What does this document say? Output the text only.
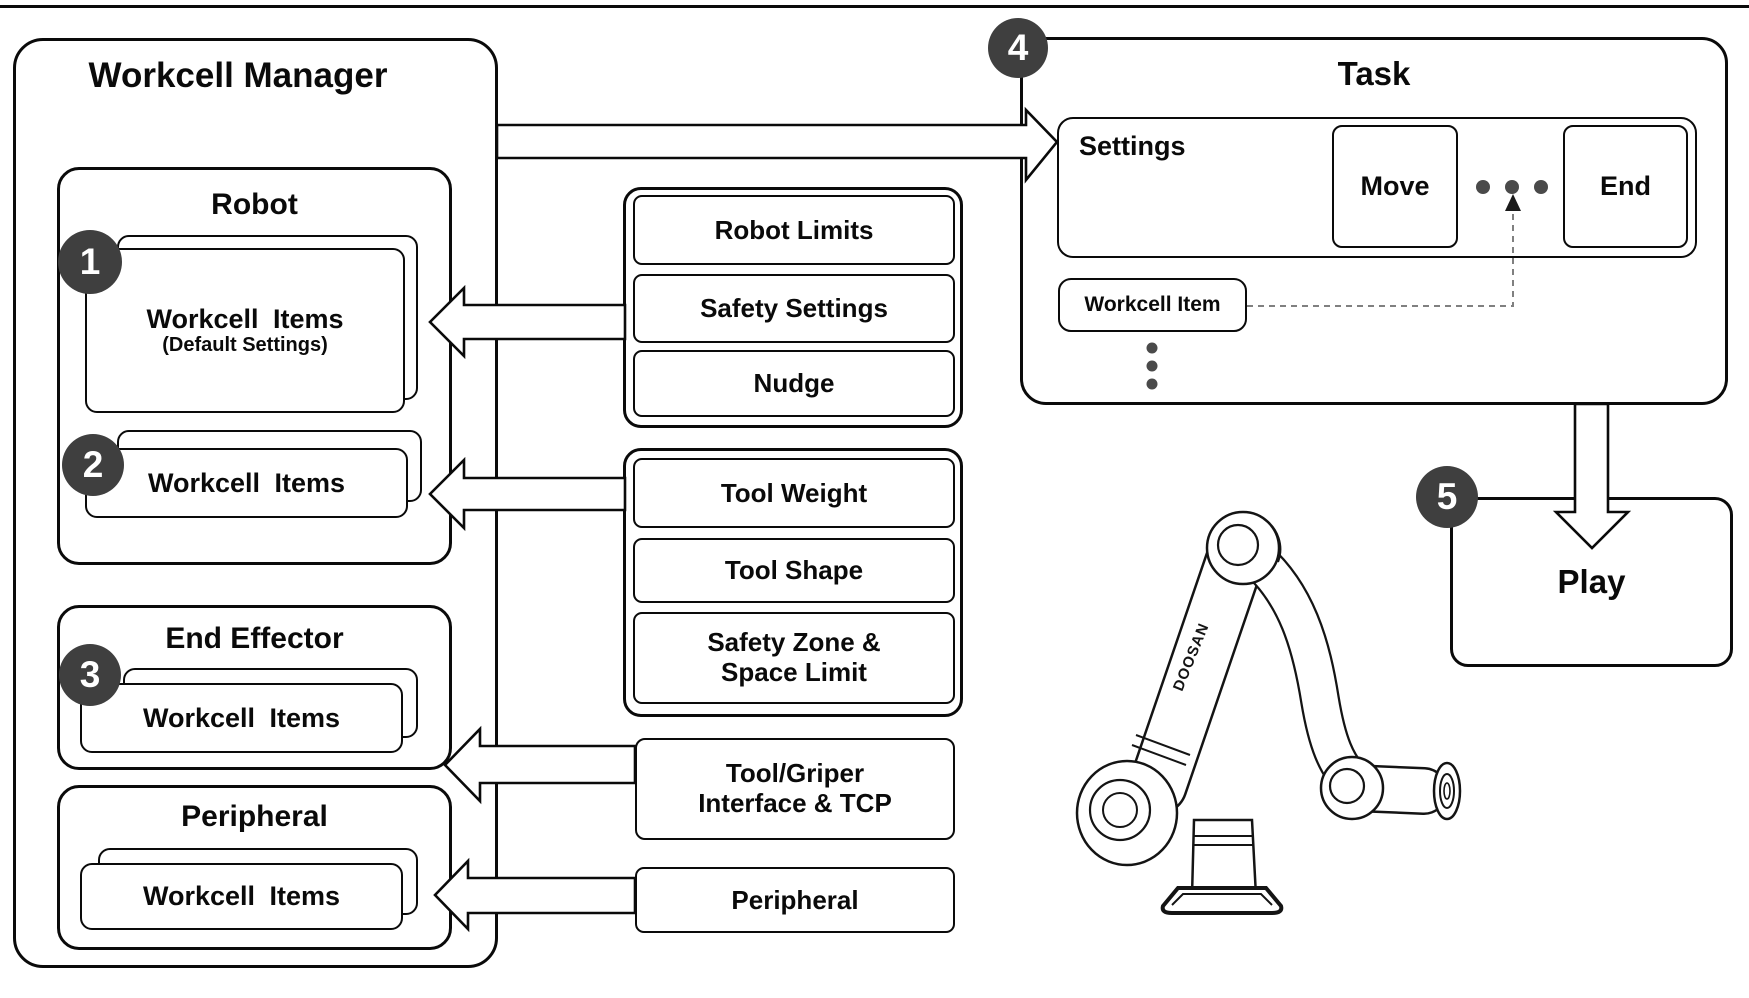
Workcell Manager
Robot
Workcell Items
(Default Settings)
Workcell Items
End Effector
Workcell Items
Peripheral
Workcell Items
Robot Limits
Safety Settings
Nudge
Tool Weight
Tool Shape
Safety Zone &
Space Limit
Tool/Griper
Interface & TCP
Peripheral
Task
Settings
Move	End
Workcell Item
Play
DOOSAN
1
2
3
4
5
